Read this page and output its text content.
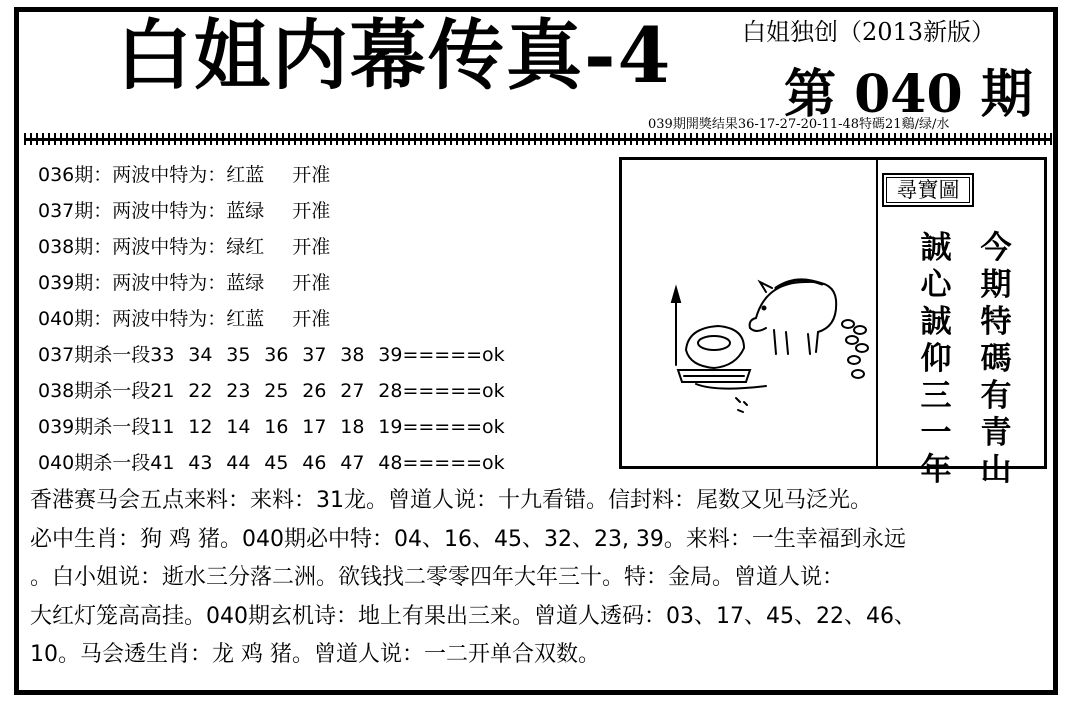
白姐内幕传真-4	白姐独创（2013新版）
第 040 期
039期開獎结果36-17-27-20-11-48特碼21鷄/绿/水
036期：两波中特为：红蓝 开准
037期：两波中特为：蓝绿 开准
038期：两波中特为：绿红 开准
039期：两波中特为：蓝绿 开准
040期：两波中特为：红蓝 开准
037期杀一段33 34 35 36 37 38 39=====ok
038期杀一段21 22 23 25 26 27 28=====ok
039期杀一段11 12 14 16 17 18 19=====ok
040期杀一段41 43 44 45 46 47 48=====ok
尋寶圖
今期特碼有青山
誠心誠仰三一年
香港赛马会五点来料：来料：31龙。曾道人说：十九看错。信封料：尾数又见马泛光。
必中生肖：狗 鸡 猪。040期必中特：04、16、45、32、23, 39。来料：一生幸福到永远
。白小姐说：逝水三分落二洲。欲钱找二零零四年大年三十。特：金局。曾道人说：
大红灯笼高高挂。040期玄机诗：地上有果出三来。曾道人透码：03、17、45、22、46、
10。马会透生肖：龙 鸡 猪。曾道人说：一二开单合双数。
